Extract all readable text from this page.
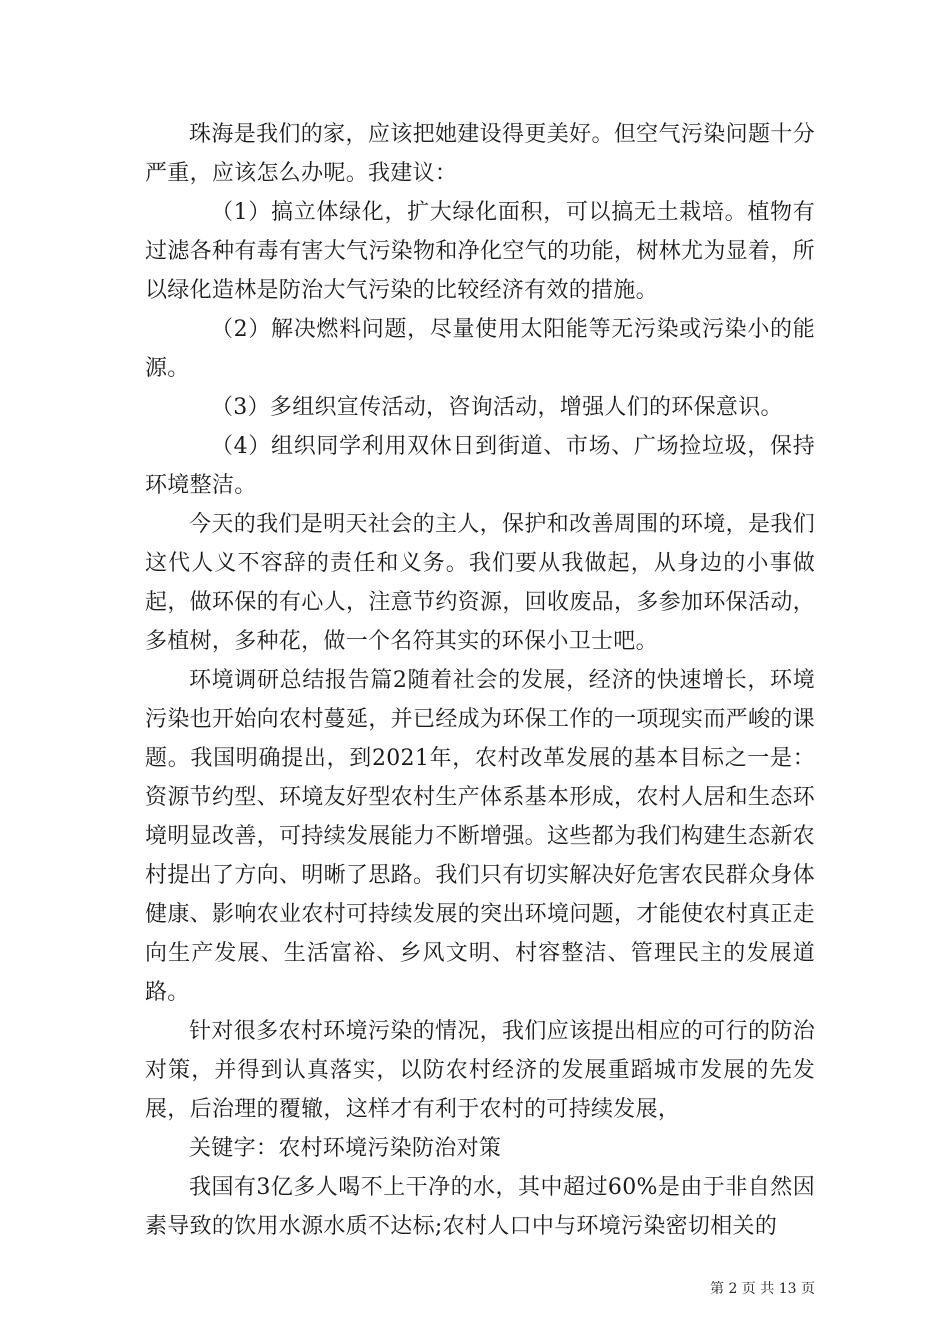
珠海是我们的家，应该把她建设得更美好。但空气污染问题十分严重，应该怎么办呢。我建议：

（1）搞立体绿化，扩大绿化面积，可以搞无土栽培。植物有过滤各种有毒有害大气污染物和净化空气的功能，树林尤为显着，所以绿化造林是防治大气污染的比较经济有效的措施。

（2）解决燃料问题，尽量使用太阳能等无污染或污染小的能源。

（3）多组织宣传活动，咨询活动，增强人们的环保意识。

（4）组织同学利用双休日到街道、市场、广场捡垃圾，保持环境整洁。

今天的我们是明天社会的主人，保护和改善周围的环境，是我们这代人义不容辞的责任和义务。我们要从我做起，从身边的小事做起，做环保的有心人，注意节约资源，回收废品，多参加环保活动，多植树，多种花，做一个名符其实的环保小卫士吧。

环境调研总结报告篇2随着社会的发展，经济的快速增长，环境污染也开始向农村蔓延，并已经成为环保工作的一项现实而严峻的课题。我国明确提出，到2021年，农村改革发展的基本目标之一是：资源节约型、环境友好型农村生产体系基本形成，农村人居和生态环境明显改善，可持续发展能力不断增强。这些都为我们构建生态新农村提出了方向、明晰了思路。我们只有切实解决好危害农民群众身体健康、影响农业农村可持续发展的突出环境问题，才能使农村真正走向生产发展、生活富裕、乡风文明、村容整洁、管理民主的发展道路。

针对很多农村环境污染的情况，我们应该提出相应的可行的防治对策，并得到认真落实，以防农村经济的发展重蹈城市发展的先发展，后治理的覆辙，这样才有利于农村的可持续发展，

关键字：农村环境污染防治对策

我国有3亿多人喝不上干净的水，其中超过60%是由于非自然因素导致的饮用水源水质不达标;农村人口中与环境污染密切相关的

第 2 页 共 13 页
